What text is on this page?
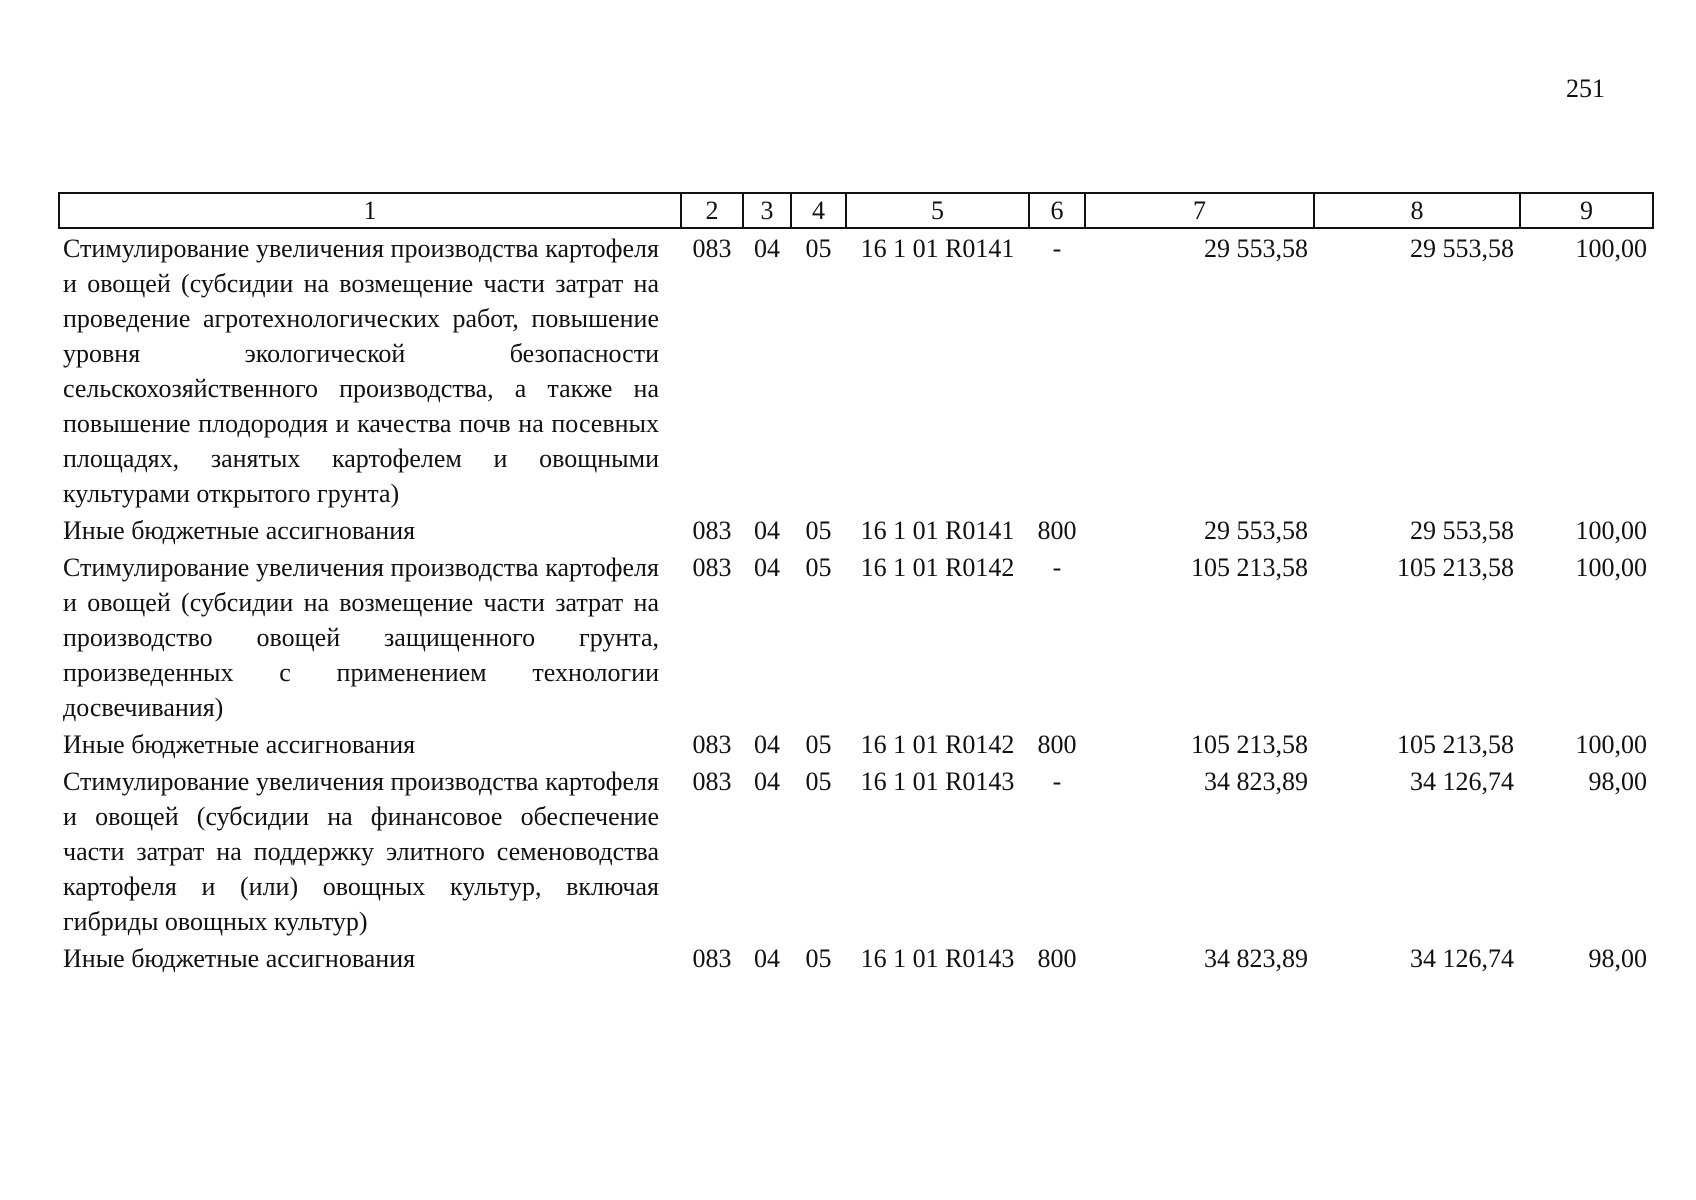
251
1	2	3	4	5	6	7	8	9
Стимулирование увеличения производства картофеля и овощей (субсидии на возмещение части затрат на проведение агротехнологических работ, повышение уровня экологической безопасности сельскохозяйственного производства, а также на повышение плодородия и качества почв на посевных площадях, занятых картофелем и овощными культурами открытого грунта)	083	04	05	16 1 01 R0141	-	29 553,58	29 553,58	100,00
Иные бюджетные ассигнования	083	04	05	16 1 01 R0141	800	29 553,58	29 553,58	100,00
Стимулирование увеличения производства картофеля и овощей (субсидии на возмещение части затрат на производство овощей защищенного грунта, произведенных с применением технологии досвечивания)	083	04	05	16 1 01 R0142	-	105 213,58	105 213,58	100,00
Иные бюджетные ассигнования	083	04	05	16 1 01 R0142	800	105 213,58	105 213,58	100,00
Стимулирование увеличения производства картофеля и овощей (субсидии на финансовое обеспечение части затрат на поддержку элитного семеноводства картофеля и (или) овощных культур, включая гибриды овощных культур)	083	04	05	16 1 01 R0143	-	34 823,89	34 126,74	98,00
Иные бюджетные ассигнования	083	04	05	16 1 01 R0143	800	34 823,89	34 126,74	98,00
